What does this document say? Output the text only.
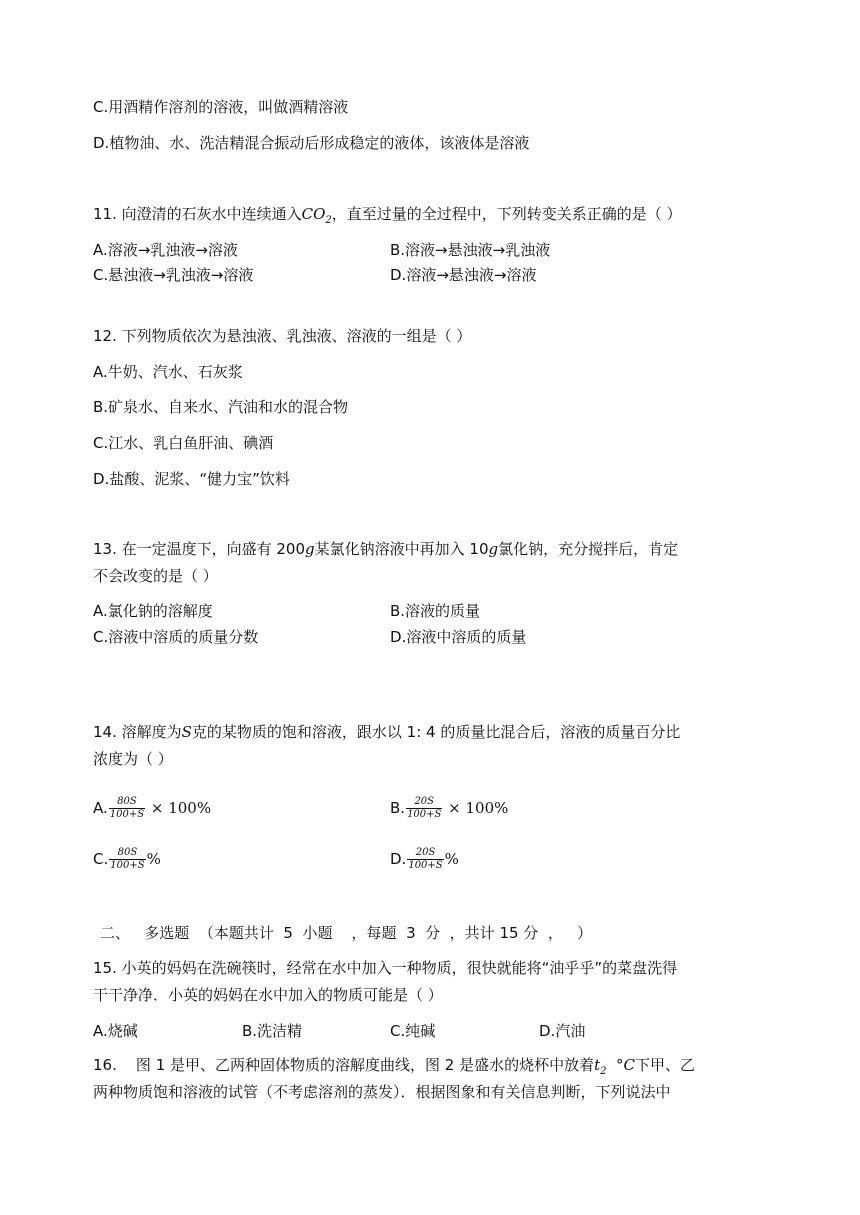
C.用酒精作溶剂的溶液，叫做酒精溶液
D.植物油、水、洗洁精混合振动后形成稳定的液体，该液体是溶液
11. 向澄清的石灰水中连续通入$CO_2$，直至过量的全过程中，下列转变关系正确的是（ ）
A.溶液→乳浊液→溶液	B.溶液→悬浊液→乳浊液
C.悬浊液→乳浊液→溶液	D.溶液→悬浊液→溶液
12. 下列物质依次为悬浊液、乳浊液、溶液的一组是（ ）
A.牛奶、汽水、石灰浆
B.矿泉水、自来水、汽油和水的混合物
C.江水、乳白鱼肝油、碘酒
D.盐酸、泥浆、“健力宝”饮料
13. 在一定温度下，向盛有 200g某氯化钠溶液中再加入 10g氯化钠，充分搅拌后，肯定
不会改变的是（ ）
A.氯化钠的溶解度	B.溶液的质量
C.溶液中溶质的质量分数	D.溶液中溶质的质量
14. 溶解度为S克的某物质的饱和溶液，跟水以 1: 4 的质量比混合后，溶液的质量百分比
浓度为（ ）
A. $\frac{80S}{100+S} \times 100\%$	B. $\frac{20S}{100+S} \times 100\%$
C. $\frac{80S}{100+S}$ %	D. $\frac{20S}{100+S}$ %
二、   多选题  （本题共计  5  小题    ，每题  3  分  ，共计 15 分  ，   ）
15. 小英的妈妈在洗碗筷时，经常在水中加入一种物质，很快就能将“油乎乎”的菜盘洗得
干干净净．小英的妈妈在水中加入的物质可能是（ ）
A.烧碱	B.洗洁精	C.纯碱	D.汽油
16.    图 1 是甲、乙两种固体物质的溶解度曲线，图 2 是盛水的烧杯中放着$t_2$  °C下甲、乙
两种物质饱和溶液的试管（不考虑溶剂的蒸发）．根据图象和有关信息判断，下列说法中
